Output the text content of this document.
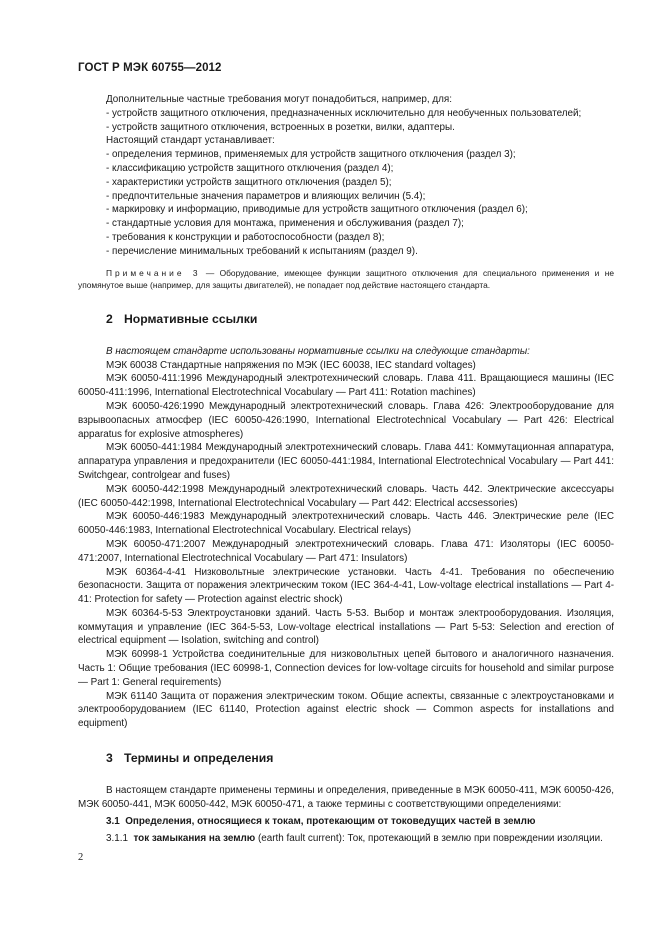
ГОСТ Р МЭК 60755—2012

Дополнительные частные требования могут понадобиться, например, для:

- устройств защитного отключения, предназначенных исключительно для необученных пользователей;

- устройств защитного отключения, встроенных в розетки, вилки, адаптеры.

Настоящий стандарт устанавливает:

- определения терминов, применяемых для устройств защитного отключения (раздел 3);

- классификацию устройств защитного отключения (раздел 4);

- характеристики устройств защитного отключения (раздел 5);

- предпочтительные значения параметров и влияющих величин (5.4);

- маркировку и информацию, приводимые для устройств защитного отключения (раздел 6);

- стандартные условия для монтажа, применения и обслуживания (раздел 7);

- требования к конструкции и работоспособности (раздел 8);

- перечисление минимальных требований к испытаниям (раздел 9).

Примечание 3 — Оборудование, имеющее функции защитного отключения для специального применения и не упомянутое выше (например, для защиты двигателей), не попадает под действие настоящего стандарта.

2 Нормативные ссылки

В настоящем стандарте использованы нормативные ссылки на следующие стандарты:

МЭК 60038 Стандартные напряжения по МЭК (IEC 60038, IEC standard voltages)

МЭК 60050-411:1996 Международный электротехнический словарь. Глава 411. Вращающиеся машины (IEC 60050-411:1996, International Electrotechnical Vocabulary — Part 411: Rotation machines)

МЭК 60050-426:1990 Международный электротехнический словарь. Глава 426: Электрооборудование для взрывоопасных атмосфер (IEC 60050-426:1990, International Electrotechnical Vocabulary — Part 426: Electrical apparatus for explosive atmospheres)

МЭК 60050-441:1984 Международный электротехнический словарь. Глава 441: Коммутационная аппаратура, аппаратура управления и предохранители (IEC 60050-441:1984, International Electrotechnical Vocabulary — Part 441: Switchgear, controlgear and fuses)

МЭК 60050-442:1998 Международный электротехнический словарь. Часть 442. Электрические аксессуары (IEC 60050-442:1998, International Electrotechnical Vocabulary — Part 442: Electrical accsessories)

МЭК 60050-446:1983 Международный электротехнический словарь. Часть 446. Электрические реле (IEC 60050-446:1983, International Electrotechnical Vocabulary. Electrical relays)

МЭК 60050-471:2007 Международный электротехнический словарь. Глава 471: Изоляторы (IEC 60050-471:2007, International Electrotechnical Vocabulary — Part 471: Insulators)

МЭК 60364-4-41 Низковольтные электрические установки. Часть 4-41. Требования по обеспечению безопасности. Защита от поражения электрическим током (IEC 364-4-41, Low-voltage electrical installations — Part 4-41: Protection for safety — Protection against electric shock)

МЭК 60364-5-53 Электроустановки зданий. Часть 5-53. Выбор и монтаж электрооборудования. Изоляция, коммутация и управление (IEC 364-5-53, Low-voltage electrical installations — Part 5-53: Selection and erection of electrical equipment — Isolation, switching and control)

МЭК 60998-1 Устройства соединительные для низковольтных цепей бытового и аналогичного назначения. Часть 1: Общие требования (IEC 60998-1, Connection devices for low-voltage circuits for household and similar purpose — Part 1: General requirements)

МЭК 61140 Защита от поражения электрическим током. Общие аспекты, связанные с электроустановками и электрооборудованием (IEC 61140, Protection against electric shock — Common aspects for installations and equipment)

3 Термины и определения

В настоящем стандарте применены термины и определения, приведенные в МЭК 60050-411, МЭК 60050-426, МЭК 60050-441, МЭК 60050-442, МЭК 60050-471, а также термины с соответствующими определениями:

3.1 Определения, относящиеся к токам, протекающим от токоведущих частей в землю

3.1.1 ток замыкания на землю (earth fault current): Ток, протекающий в землю при повреждении изоляции.

2
